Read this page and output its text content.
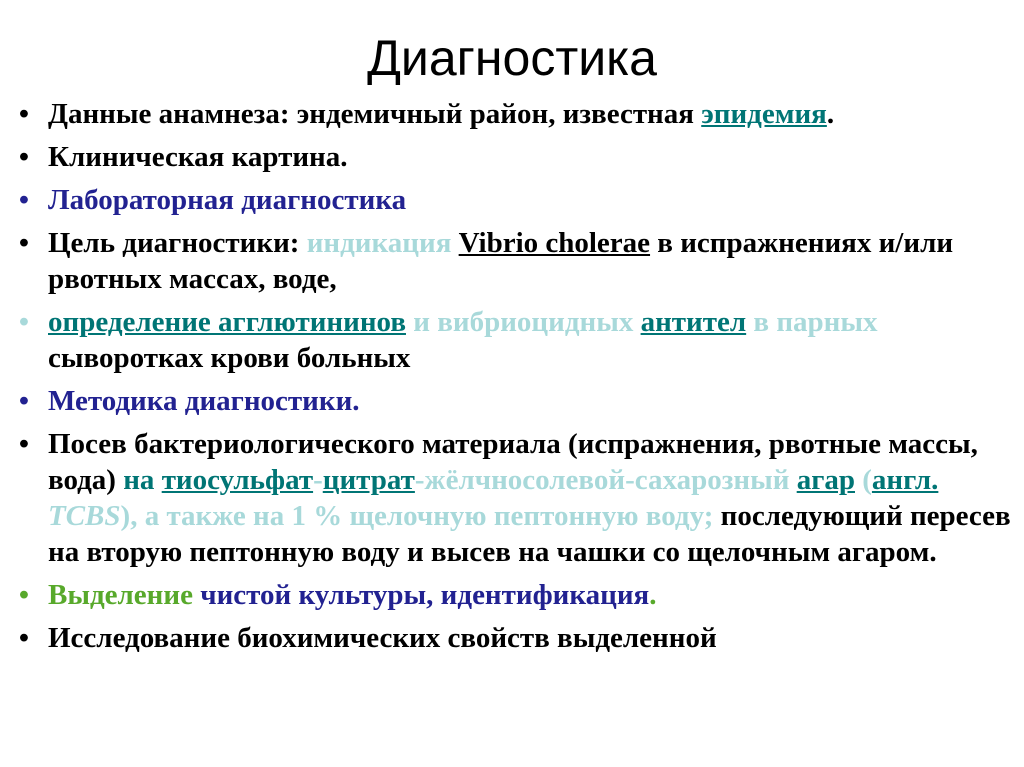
Диагностика
• Данные анамнеза: эндемичный район, известная эпидемия.
• Клиническая картина.
• Лабораторная диагностика
• Цель диагностики: индикация Vibrio cholerae в испражнениях и/или рвотных массах, воде,
• определение агглютининов и вибриоцидных антител в парных сыворотках крови больных
• Методика диагностики.
• Посев бактериологического материала (испражнения, рвотные массы, вода) на тиосульфат-цитрат-жёлчносолевой-сахарозный агар (англ. TCBS), а также на 1 % щелочную пептонную воду; последующий пересев на вторую пептонную воду и высев на чашки со щелочным агаром.
• Выделение чистой культуры, идентификация.
• Исследование биохимических свойств выделенной
